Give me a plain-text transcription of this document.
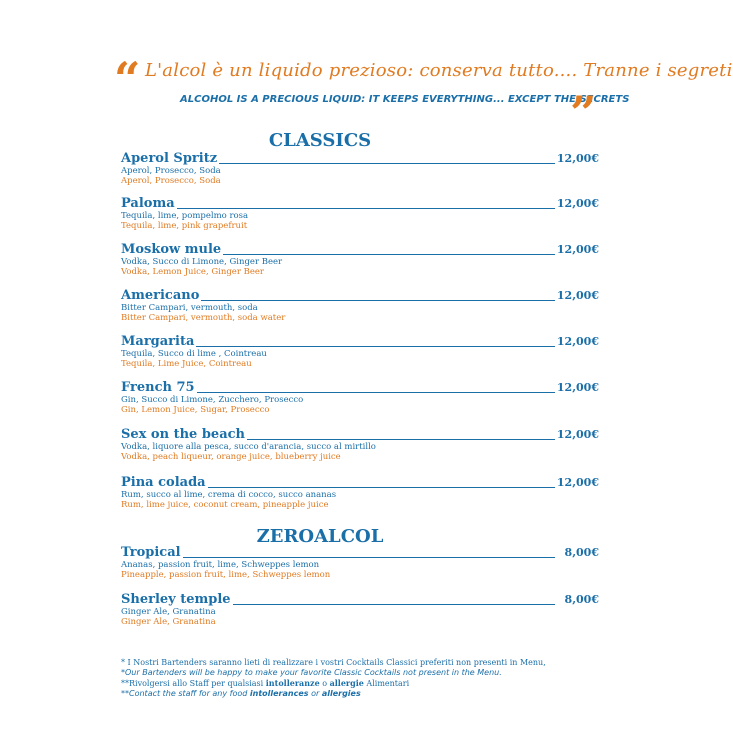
“ L'alcol è un liquido prezioso: conserva tutto.... Tranne i segreti
ALCOHOL IS A PRECIOUS LIQUID: IT KEEPS EVERYTHING... EXCEPT THE SECRETS
”
CLASSICS
Aperol Spritz	12,00€
Aperol, Prosecco, Soda
Aperol, Prosecco, Soda
Paloma	12,00€
Tequila, lime, pompelmo rosa
Tequila, lime, pink grapefruit
Moskow mule	12,00€
Vodka, Succo di Limone, Ginger Beer
Vodka, Lemon Juice, Ginger Beer
Americano	12,00€
Bitter Campari, vermouth, soda
Bitter Campari, vermouth, soda water
Margarita	12,00€
Tequila, Succo di lime , Cointreau
Tequila, Lime Juice, Cointreau
French 75	12,00€
Gin, Succo di Limone, Zucchero, Prosecco
Gin, Lemon Juice, Sugar, Prosecco
Sex on the beach	12,00€
Vodka, liquore alla pesca, succo d'arancia, succo al mirtillo
Vodka, peach liqueur, orange juice, blueberry juice
Pina colada	12,00€
Rum, succo al lime, crema di cocco, succo ananas
Rum, lime juice, coconut cream, pineapple juice
ZEROALCOL
Tropical	8,00€
Ananas, passion fruit, lime, Schweppes lemon
Pineapple, passion fruit, lime, Schweppes lemon
Sherley temple	8,00€
Ginger Ale, Granatina
Ginger Ale, Granatina
* I Nostri Bartenders saranno lieti di realizzare i vostri Cocktails Classici preferiti non presenti in Menu,
*Our Bartenders will be happy to make your favorite Classic Cocktails not present in the Menu.
**Rivolgersi allo Staff per qualsiasi intolleranze o allergie Alimentari
**Contact the staff for any food intollerances or allergies
